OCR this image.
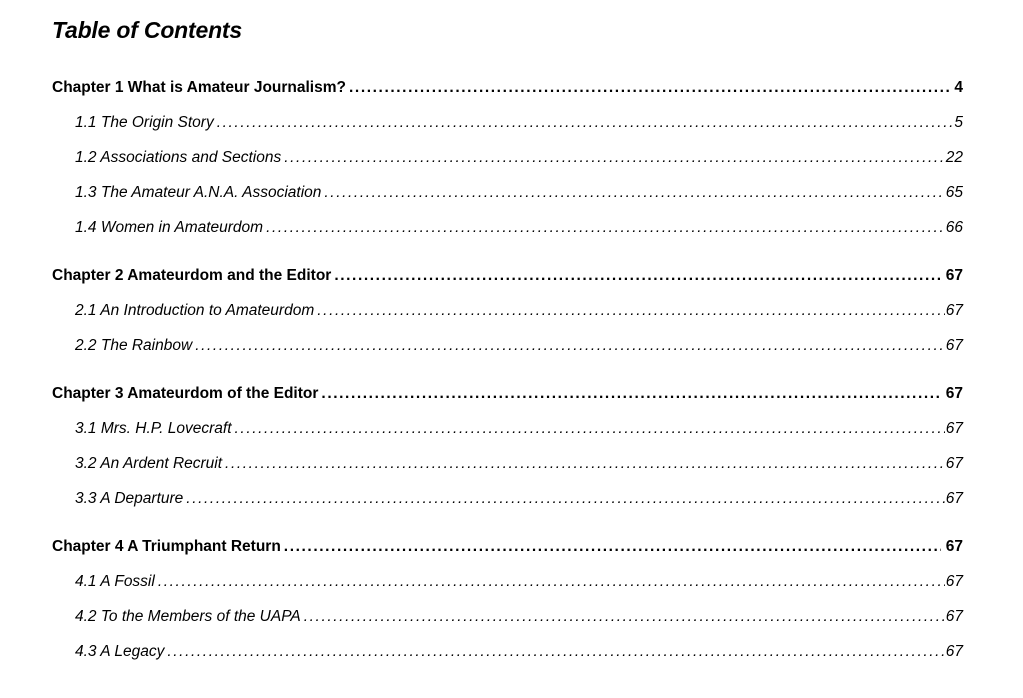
Table of Contents
Chapter 1 What is Amateur Journalism? .....	4
1.1 The Origin Story .....	5
1.2 Associations and Sections .....	22
1.3 The Amateur A.N.A. Association .....	65
1.4 Women in Amateurdom .....	66
Chapter 2 Amateurdom and the Editor .....	67
2.1 An Introduction to Amateurdom .....	67
2.2 The Rainbow .....	67
Chapter 3 Amateurdom of the Editor .....	67
3.1 Mrs. H.P. Lovecraft .....	67
3.2 An Ardent Recruit .....	67
3.3 A Departure .....	67
Chapter 4 A Triumphant Return .....	67
4.1 A Fossil .....	67
4.2 To the Members of the UAPA .....	67
4.3 A Legacy .....	67
